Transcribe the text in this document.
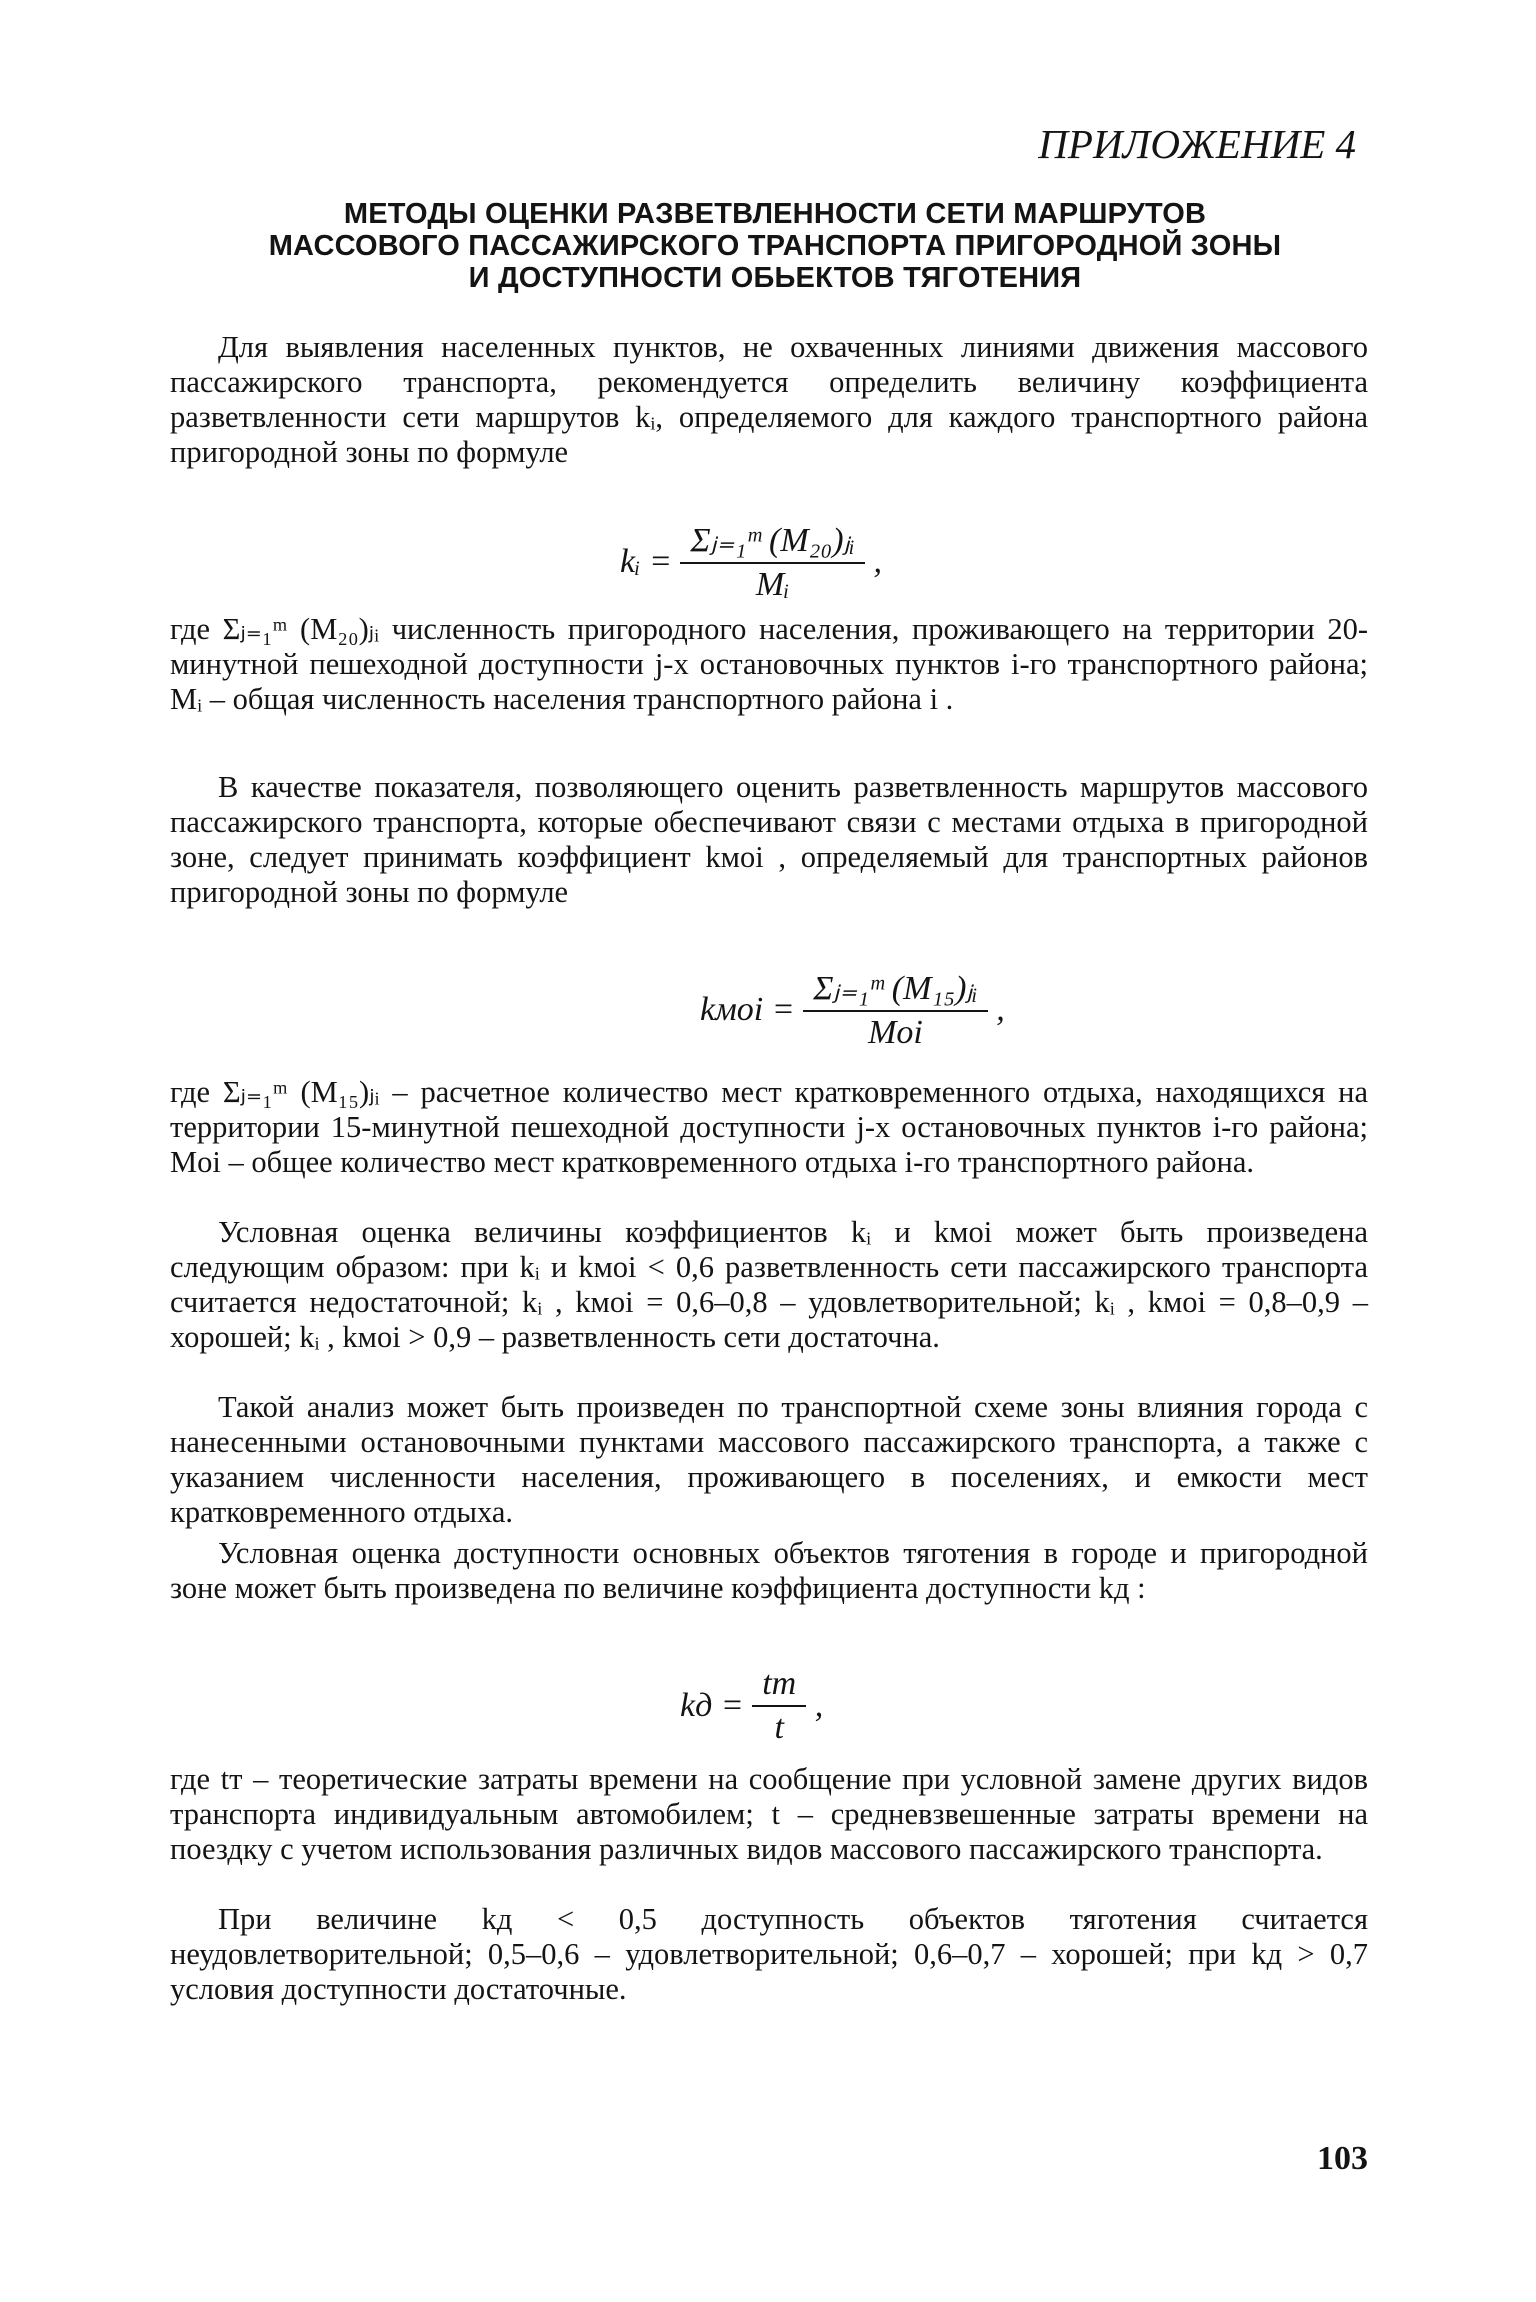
ПРИЛОЖЕНИЕ 4
МЕТОДЫ ОЦЕНКИ РАЗВЕТВЛЕННОСТИ СЕТИ МАРШРУТОВ
МАССОВОГО ПАССАЖИРСКОГО ТРАНСПОРТА ПРИГОРОДНОЙ ЗОНЫ
И ДОСТУПНОСТИ ОБЬЕКТОВ ТЯГОТЕНИЯ
Для выявления населенных пунктов, не охваченных линиями движения массового пассажирского транспорта, рекомендуется определить величину коэффициента разветвленности сети маршрутов kᵢ, определяемого для каждого транспортного района пригородной зоны по формуле
kᵢ = $\frac{\text{Σⱼ₌₁ᵐ (M₂₀)ⱼᵢ}}{\text{Mᵢ}}$ ,
где Σⱼ₌₁ᵐ (M₂₀)ⱼᵢ численность пригородного населения, проживающего на территории 20-минутной пешеходной доступности j-х остановочных пунктов i-го транспортного района; Mᵢ – общая численность населения транспортного района i .
В качестве показателя, позволяющего оценить разветвленность маршрутов массового пассажирского транспорта, которые обеспечивают связи с местами отдыха в пригородной зоне, следует принимать коэффициент kмоi , определяемый для транспортных районов пригородной зоны по формуле
kмоi = $\frac{\text{Σⱼ₌₁ᵐ (M₁₅)ⱼᵢ}}{\text{Moi}}$ ,
где Σⱼ₌₁ᵐ (M₁₅)ⱼᵢ – расчетное количество мест кратковременного отдыха, находящихся на территории 15-минутной пешеходной доступности j-х остановочных пунктов i-го района; Moi – общее количество мест кратковременного отдыха i-го транспортного района.
Условная оценка величины коэффициентов kᵢ и kмоi может быть произведена следующим образом: при kᵢ и kмоi < 0,6 разветвленность сети пассажирского транспорта считается недостаточной; kᵢ , kмоi = 0,6–0,8 – удовлетворительной; kᵢ , kмоi = 0,8–0,9 – хорошей; kᵢ , kмоi > 0,9 – разветвленность сети достаточна.
Такой анализ может быть произведен по транспортной схеме зоны влияния города с нанесенными остановочными пунктами массового пассажирского транспорта, а также с указанием численности населения, проживающего в поселениях, и емкости мест кратковременного отдыха.
Условная оценка доступности основных объектов тяготения в городе и пригородной зоне может быть произведена по величине коэффициента доступности kд :
kд = $\frac{tт}{t}$ ,
где tт – теоретические затраты времени на сообщение при условной замене других видов транспорта индивидуальным автомобилем; t – средневзвешенные затраты времени на поездку с учетом использования различных видов массового пассажирского транспорта.
При величине kд < 0,5 доступность объектов тяготения считается неудовлетворительной; 0,5–0,6 – удовлетворительной; 0,6–0,7 – хорошей; при kд > 0,7 условия доступности достаточные.
103
